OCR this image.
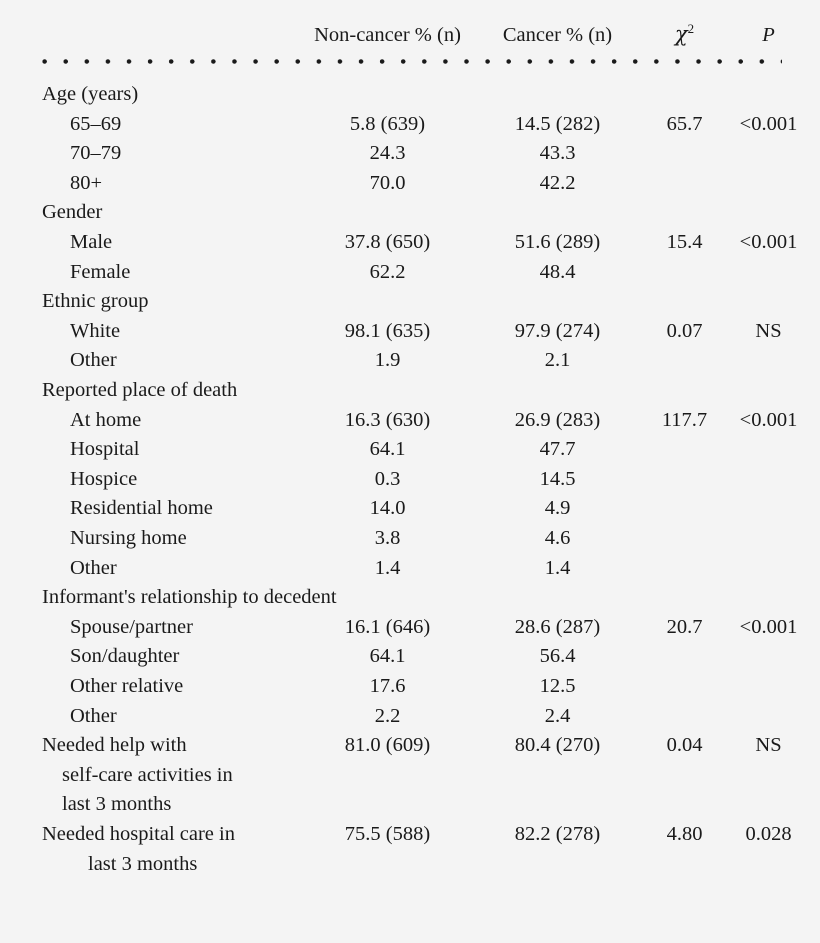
	Non-cancer % (n)	Cancer % (n)	$\chi^2$	P

Age (years)				
65–69	5.8 (639)	14.5 (282)	65.7	<0.001
70–79	24.3	43.3		
80+	70.0	42.2		
Gender				
Male	37.8 (650)	51.6 (289)	15.4	<0.001
Female	62.2	48.4		
Ethnic group				
White	98.1 (635)	97.9 (274)	0.07	NS
Other	1.9	2.1		
Reported place of death				
At home	16.3 (630)	26.9 (283)	117.7	<0.001
Hospital	64.1	47.7		
Hospice	0.3	14.5		
Residential home	14.0	4.9		
Nursing home	3.8	4.6		
Other	1.4	1.4		
Informant's relationship to decedent				
Spouse/partner	16.1 (646)	28.6 (287)	20.7	<0.001
Son/daughter	64.1	56.4		
Other relative	17.6	12.5		
Other	2.2	2.4		
Needed help with	81.0 (609)	80.4 (270)	0.04	NS
self-care activities in				
last 3 months				
Needed hospital care in	75.5 (588)	82.2 (278)	4.80	0.028
last 3 months				
